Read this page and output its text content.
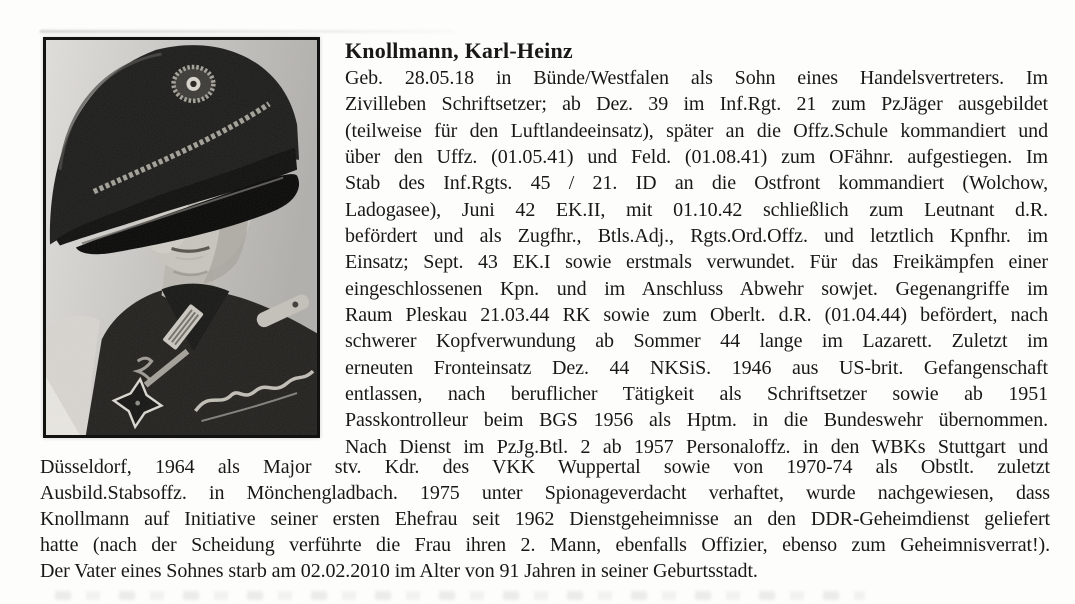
Knollmann, Karl-Heinz
Geb. 28.05.18 in Bünde/Westfalen als Sohn eines Handelsvertreters. Im
Zivilleben Schriftsetzer; ab Dez. 39 im Inf.Rgt. 21 zum PzJäger ausgebildet
(teilweise für den Luftlandeeinsatz), später an die Offz.Schule kommandiert und
über den Uffz. (01.05.41) und Feld. (01.08.41) zum OFähnr. aufgestiegen. Im
Stab des Inf.Rgts. 45 / 21. ID an die Ostfront kommandiert (Wolchow,
Ladogasee), Juni 42 EK.II, mit 01.10.42 schließlich zum Leutnant d.R.
befördert und als Zugfhr., Btls.Adj., Rgts.Ord.Offz. und letztlich Kpnfhr. im
Einsatz; Sept. 43 EK.I sowie erstmals verwundet. Für das Freikämpfen einer
eingeschlossenen Kpn. und im Anschluss Abwehr sowjet. Gegenangriffe im
Raum Pleskau 21.03.44 RK sowie zum Oberlt. d.R. (01.04.44) befördert, nach
schwerer Kopfverwundung ab Sommer 44 lange im Lazarett. Zuletzt im
erneuten Fronteinsatz Dez. 44 NKSiS. 1946 aus US-brit. Gefangenschaft
entlassen, nach beruflicher Tätigkeit als Schriftsetzer sowie ab 1951
Passkontrolleur beim BGS 1956 als Hptm. in die Bundeswehr übernommen.
Nach Dienst im PzJg.Btl. 2 ab 1957 Personaloffz. in den WBKs Stuttgart und
Düsseldorf, 1964 als Major stv. Kdr. des VKK Wuppertal sowie von 1970-74 als Obstlt. zuletzt
Ausbild.Stabsoffz. in Mönchengladbach. 1975 unter Spionageverdacht verhaftet, wurde nachgewiesen, dass
Knollmann auf Initiative seiner ersten Ehefrau seit 1962 Dienstgeheimnisse an den DDR-Geheimdienst geliefert
hatte (nach der Scheidung verführte die Frau ihren 2. Mann, ebenfalls Offizier, ebenso zum Geheimnisverrat!).
Der Vater eines Sohnes starb am 02.02.2010 im Alter von 91 Jahren in seiner Geburtsstadt.
